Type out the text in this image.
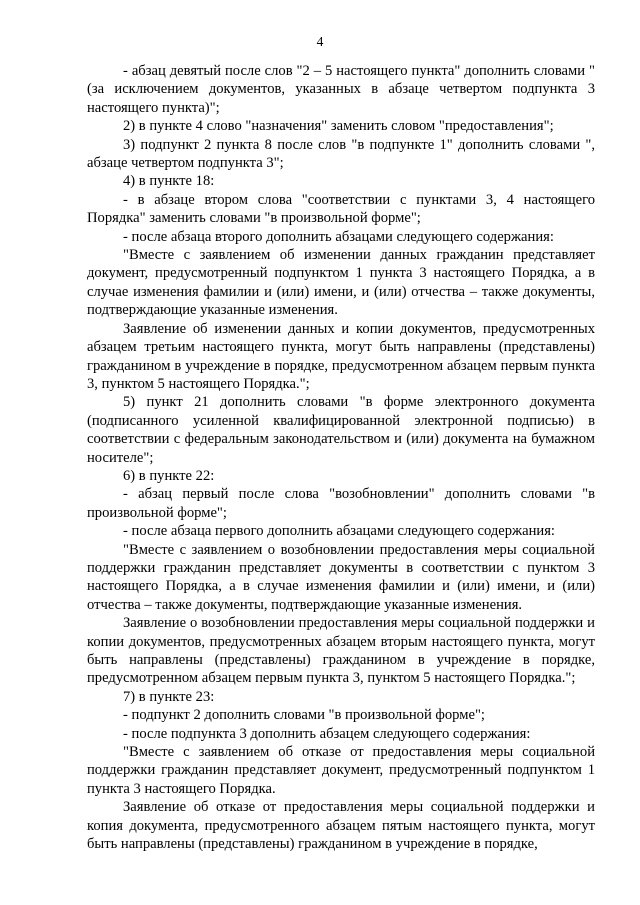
4

- абзац девятый после слов "2 – 5 настоящего пункта" дополнить словами "(за исключением документов, указанных в абзаце четвертом подпункта 3 настоящего пункта)";

2) в пункте 4 слово "назначения" заменить словом "предоставления";

3) подпункт 2 пункта 8 после слов "в подпункте 1" дополнить словами ", абзаце четвертом подпункта 3";

4) в пункте 18:

- в абзаце втором слова "соответствии с пунктами 3, 4 настоящего Порядка" заменить словами "в произвольной форме";

- после абзаца второго дополнить абзацами следующего содержания:

"Вместе с заявлением об изменении данных гражданин представляет документ, предусмотренный подпунктом 1 пункта 3 настоящего Порядка, а в случае изменения фамилии и (или) имени, и (или) отчества – также документы, подтверждающие указанные изменения.

Заявление об изменении данных и копии документов, предусмотренных абзацем третьим настоящего пункта, могут быть направлены (представлены) гражданином в учреждение в порядке, предусмотренном абзацем первым пункта 3, пунктом 5 настоящего Порядка.";

5) пункт 21 дополнить словами "в форме электронного документа (подписанного усиленной квалифицированной электронной подписью) в соответствии с федеральным законодательством и (или) документа на бумажном носителе";

6) в пункте 22:

- абзац первый после слова "возобновлении" дополнить словами "в произвольной форме";

- после абзаца первого дополнить абзацами следующего содержания:

"Вместе с заявлением о возобновлении предоставления меры социальной поддержки гражданин представляет документы в соответствии с пунктом 3 настоящего Порядка, а в случае изменения фамилии и (или) имени, и (или) отчества – также документы, подтверждающие указанные изменения.

Заявление о возобновлении предоставления меры социальной поддержки и копии документов, предусмотренных абзацем вторым настоящего пункта, могут быть направлены (представлены) гражданином в учреждение в порядке, предусмотренном абзацем первым пункта 3, пунктом 5 настоящего Порядка.";

7) в пункте 23:

- подпункт 2 дополнить словами "в произвольной форме";

- после подпункта 3 дополнить абзацем следующего содержания:

"Вместе с заявлением об отказе от предоставления меры социальной поддержки гражданин представляет документ, предусмотренный подпунктом 1 пункта 3 настоящего Порядка.

Заявление об отказе от предоставления меры социальной поддержки и копия документа, предусмотренного абзацем пятым настоящего пункта, могут быть направлены (представлены) гражданином в учреждение в порядке,
